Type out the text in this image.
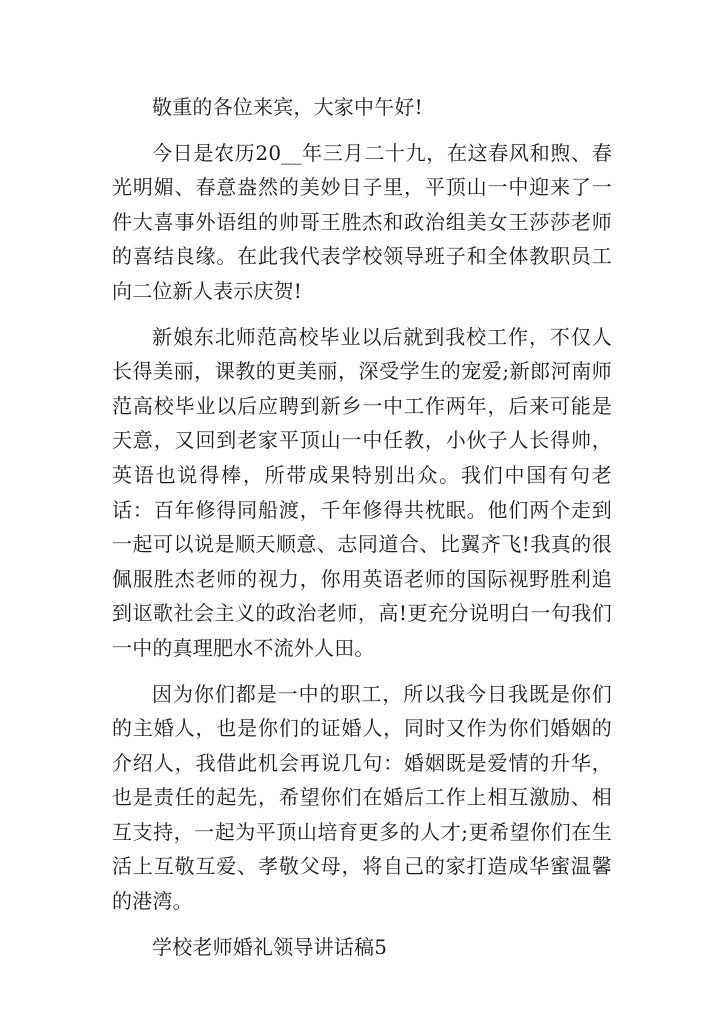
敬重的各位来宾，大家中午好!

今日是农历20__年三月二十九，在这春风和煦、春光明媚、春意盎然的美妙日子里，平顶山一中迎来了一件大喜事外语组的帅哥王胜杰和政治组美女王莎莎老师的喜结良缘。在此我代表学校领导班子和全体教职员工向二位新人表示庆贺!

新娘东北师范高校毕业以后就到我校工作，不仅人长得美丽，课教的更美丽，深受学生的宠爱;新郎河南师范高校毕业以后应聘到新乡一中工作两年，后来可能是天意，又回到老家平顶山一中任教，小伙子人长得帅，英语也说得棒，所带成果特别出众。我们中国有句老话：百年修得同船渡，千年修得共枕眠。他们两个走到一起可以说是顺天顺意、志同道合、比翼齐飞!我真的很佩服胜杰老师的视力，你用英语老师的国际视野胜利追到讴歌社会主义的政治老师，高!更充分说明白一句我们一中的真理肥水不流外人田。

因为你们都是一中的职工，所以我今日我既是你们的主婚人，也是你们的证婚人，同时又作为你们婚姻的介绍人，我借此机会再说几句：婚姻既是爱情的升华，也是责任的起先，希望你们在婚后工作上相互激励、相互支持，一起为平顶山培育更多的人才;更希望你们在生活上互敬互爱、孝敬父母，将自己的家打造成华蜜温馨的港湾。

学校老师婚礼领导讲话稿5
